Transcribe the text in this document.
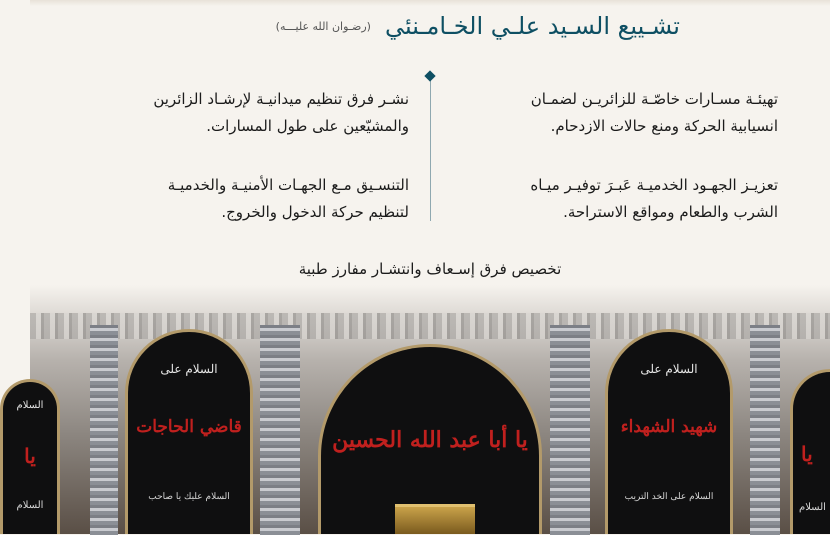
تشـييع السـيد علـي الخـامـنئي
(رضـوان الله عليـــه)

تهيئـة مسـارات خاصّـة للزائريـن لضمـان

انسيابية الحركة ومنع حالات الازدحام.

نشـر فرق تنظيم ميدانيـة لإرشـاد الزائرين

والمشيّعين على طول المسارات.

تعزيـز الجهـود الخدميـة عَبـرَ توفيـر ميـاه

الشرب والطعام ومواقع الاستراحة.

التنسـيق مـع الجهـات الأمنيـة والخدميـة

لتنظيم حركة الدخول والخروج.

تخصيص فرق إسـعاف وانتشـار مفارز طبية

السلام
يا
السلام
السلام على
قاضي الحاجات
السلام عليك يا صاحب
يا أبا عبد الله الحسين
السلام على
شهيد الشهداء
السلام على الخد التريب
يا
السلام
